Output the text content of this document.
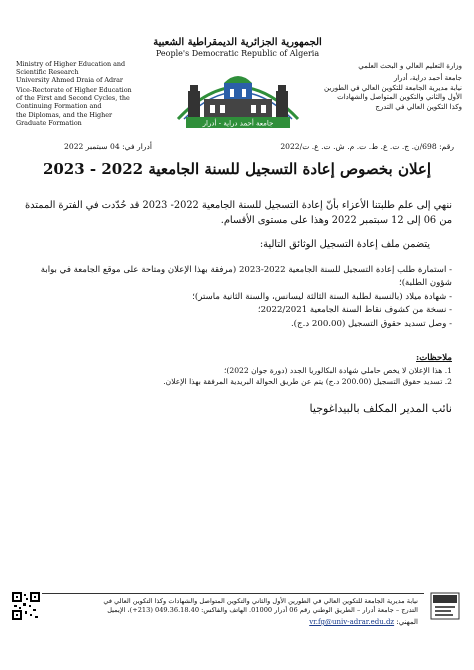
الجمهورية الجزائرية الديمقراطية الشعبية
People's Democratic Republic of Algeria
Ministry of Higher Education and
Scientific Research
University Ahmed Draia of Adrar
Vice-Rectorate of Higher Education
of the First and Second Cycles, the
Continuing Formation and
the Diplomas, and the Higher
Graduate Formation
وزارة التعليم العالي و البحث العلمي
جامعة أحمد دراية، أدرار
نيابة مديرية الجامعة للتكوين العالي في الطورين
الأول والثاني والتكوين المتواصل والشهادات
وكذا التكوين العالي في التدرج
جامعة أحمد دراية - أدرار
رقم: 698/ن. ج. ت. ع. ط. ت. م. ش. ت. ع. ت/2022
أدرار في: 04 سبتمبر 2022
إعلان بخصوص إعادة التسجيل للسنة الجامعية 2022 - 2023
ننهي إلى علم طلبتنا الأعزاء بأنّ إعادة التسجيل للسنة الجامعية 2022- 2023 قد حُدّدت في الفترة الممتدة من 06 إلى 12 سبتمبر 2022 وهذا على مستوى الأقسام.
يتضمن ملف إعادة التسجيل الوثائق التالية:
- استمارة طلب إعادة التسجيل للسنة الجامعية 2022-2023 (مرفقة بهذا الإعلان ومتاحة على موقع الجامعة في بوابة شؤون الطلبة)؛
- شهادة ميلاد (بالنسبة لطلبة السنة الثالثة ليسانس، والسنة الثانية ماستر)؛
- نسخة من كشوف نقاط السنة الجامعية 2022/2021؛
- وصل تسديد حقوق التسجيل (200.00 د.ج).
ملاحظات:
1. هذا الإعلان لا يخص حاملي شهادة البكالوريا الجدد (دورة جوان 2022)؛
2. تسديد حقوق التسجيل (200.00 د.ج) يتم عن طريق الحوالة البريدية المرفقة بهذا الإعلان.
نائب المدير المكلف بالبيداغوجيا
نيابة مديرية الجامعة للتكوين العالي في الطورين الأول والثاني والتكوين المتواصل والشهادات وكذا التكوين العالي في
التدرج – جامعة أدرار – الطريق الوطني رقم 06 أدرار 01000. الهاتف والفاكس: 049.36.18.40 (213+)، الإيميل
المهني: vr.fg@univ-adrar.edu.dz
